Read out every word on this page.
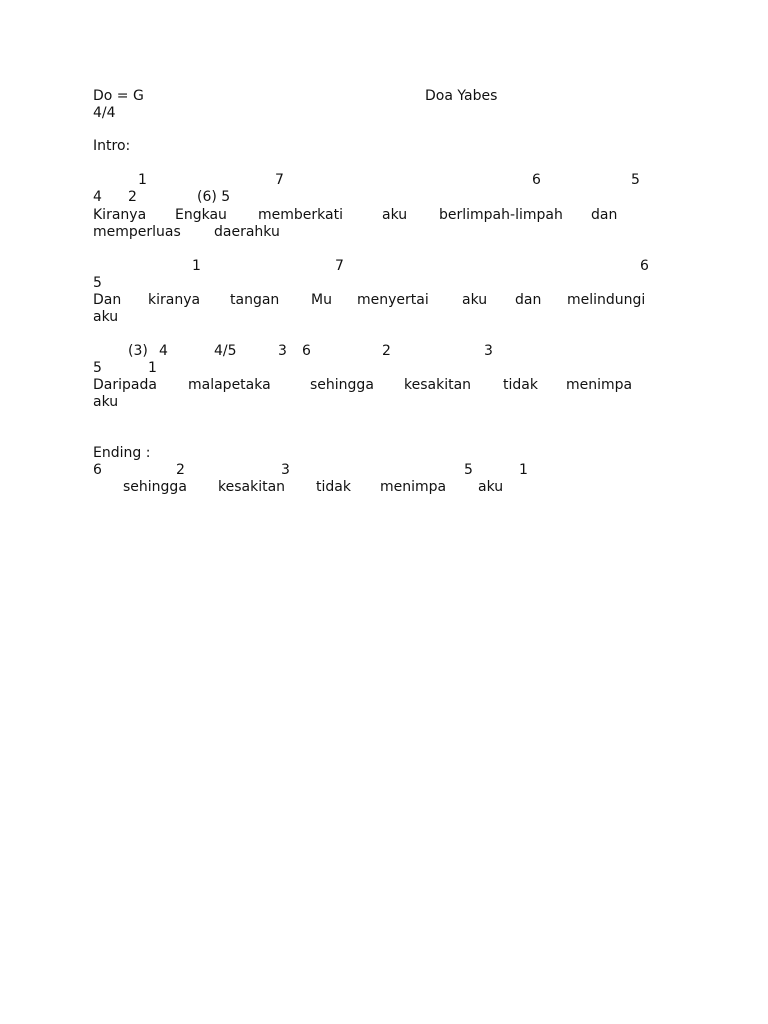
Do = G	Doa Yabes
4/4
Intro:
1	7	6	5
4 2	(6) 5
Kiranya Engkau memberkati	aku berlimpah-limpah dan
memperluas daerahku
1	7	6
5
Dan kiranya tangan Mu menyertai aku dan melindungi
aku
(3) 4	4/5	3 6	2	3
5	1
Daripada malapetaka	sehingga kesakitan tidak menimpa
aku
Ending :
6	2	3	5	1
sehingga kesakitan tidak menimpa aku
